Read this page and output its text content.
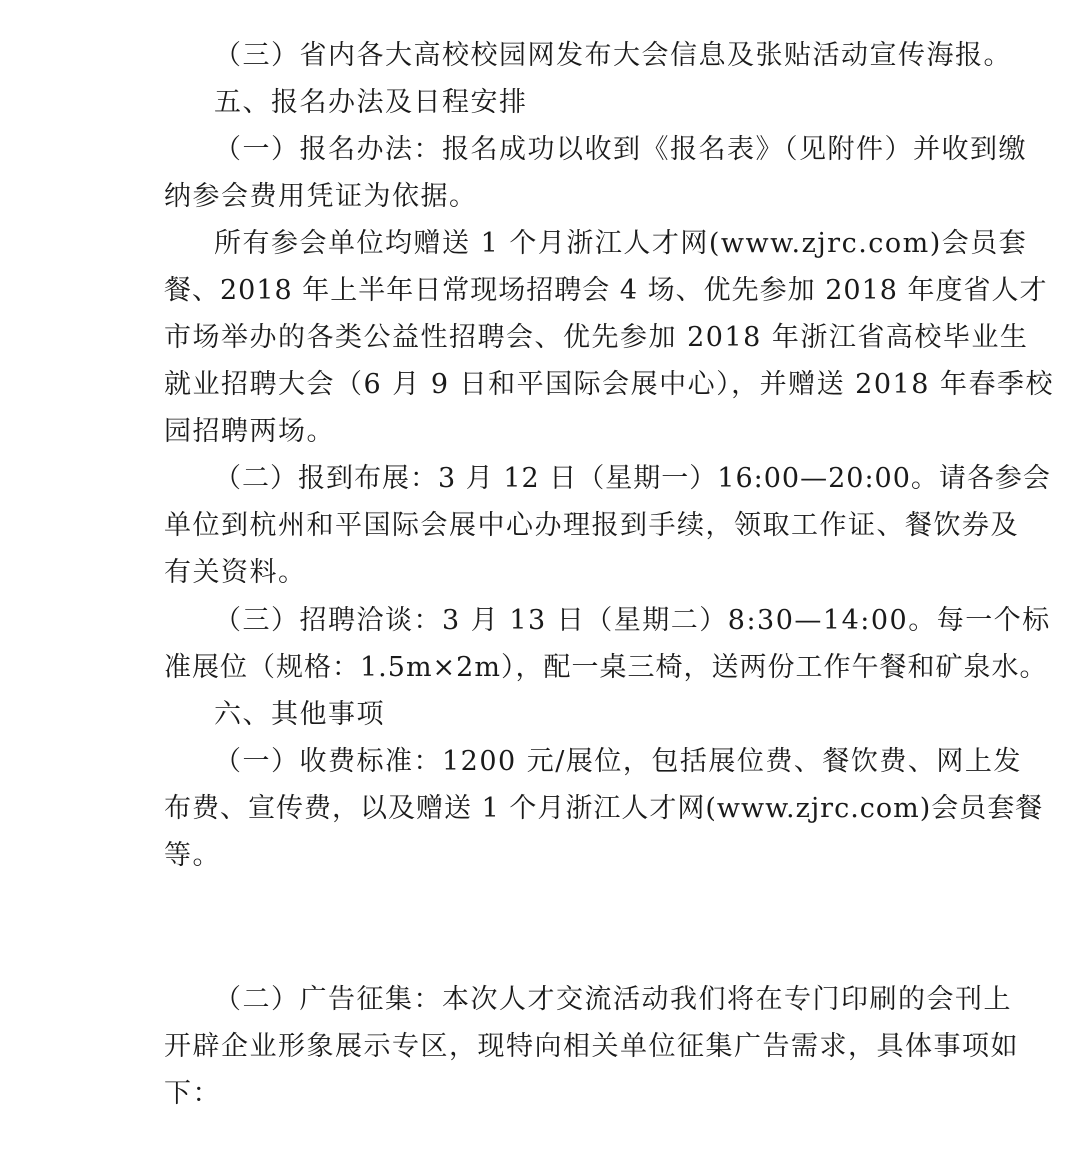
（三）省内各大高校校园网发布大会信息及张贴活动宣传海报。

五、报名办法及日程安排

（一）报名办法：报名成功以收到《报名表》（见附件）并收到缴

纳参会费用凭证为依据。

所有参会单位均赠送 1 个月浙江人才网(www.zjrc.com)会员套

餐、2018 年上半年日常现场招聘会 4 场、优先参加 2018 年度省人才

市场举办的各类公益性招聘会、优先参加 2018 年浙江省高校毕业生

就业招聘大会（6 月 9 日和平国际会展中心），并赠送 2018 年春季校

园招聘两场。

（二）报到布展：3 月 12 日（星期一）16:00—20:00。请各参会

单位到杭州和平国际会展中心办理报到手续，领取工作证、餐饮券及

有关资料。

（三）招聘洽谈：3 月 13 日（星期二）8:30—14:00。每一个标

准展位（规格：1.5m×2m），配一桌三椅，送两份工作午餐和矿泉水。

六、其他事项

（一）收费标准：1200 元/展位，包括展位费、餐饮费、网上发

布费、宣传费，以及赠送 1 个月浙江人才网(www.zjrc.com)会员套餐

等。

（二）广告征集：本次人才交流活动我们将在专门印刷的会刊上

开辟企业形象展示专区，现特向相关单位征集广告需求，具体事项如

下：
